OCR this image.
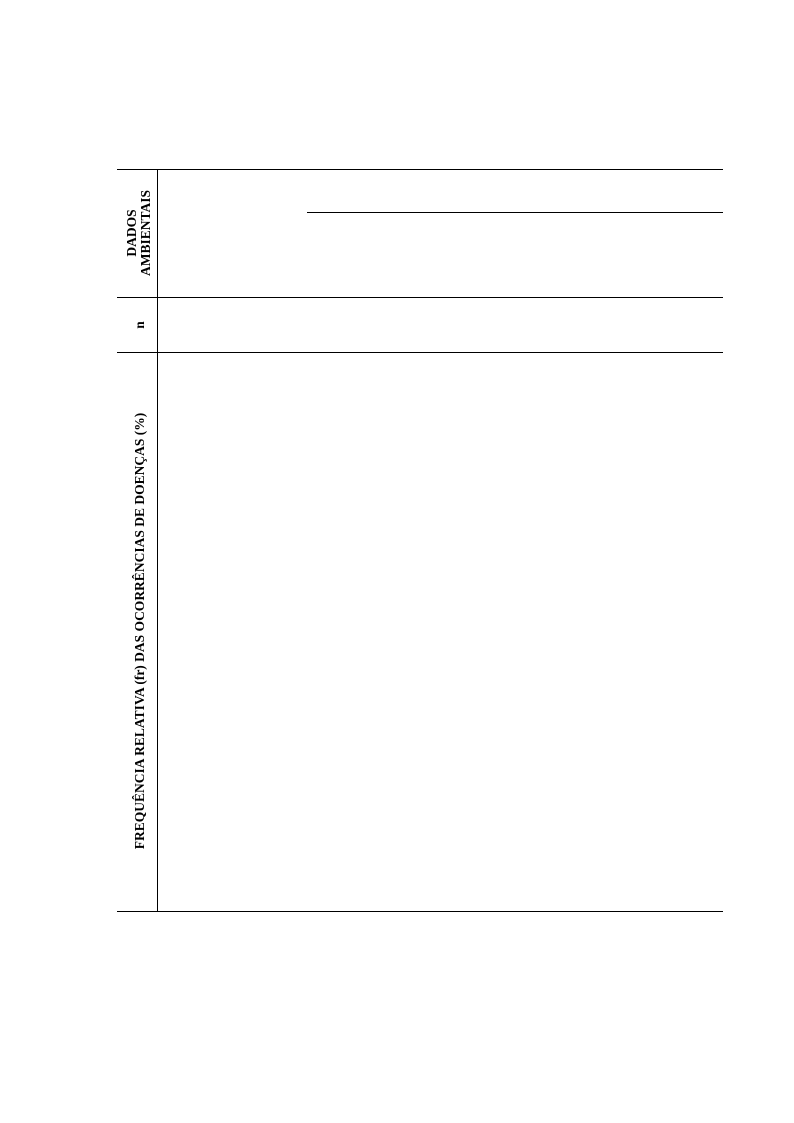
DADOS AMBIENTAIS
n
FREQUÊNCIA RELATIVA (fr) DAS OCORRÊNCIAS DE DOENÇAS (%)
